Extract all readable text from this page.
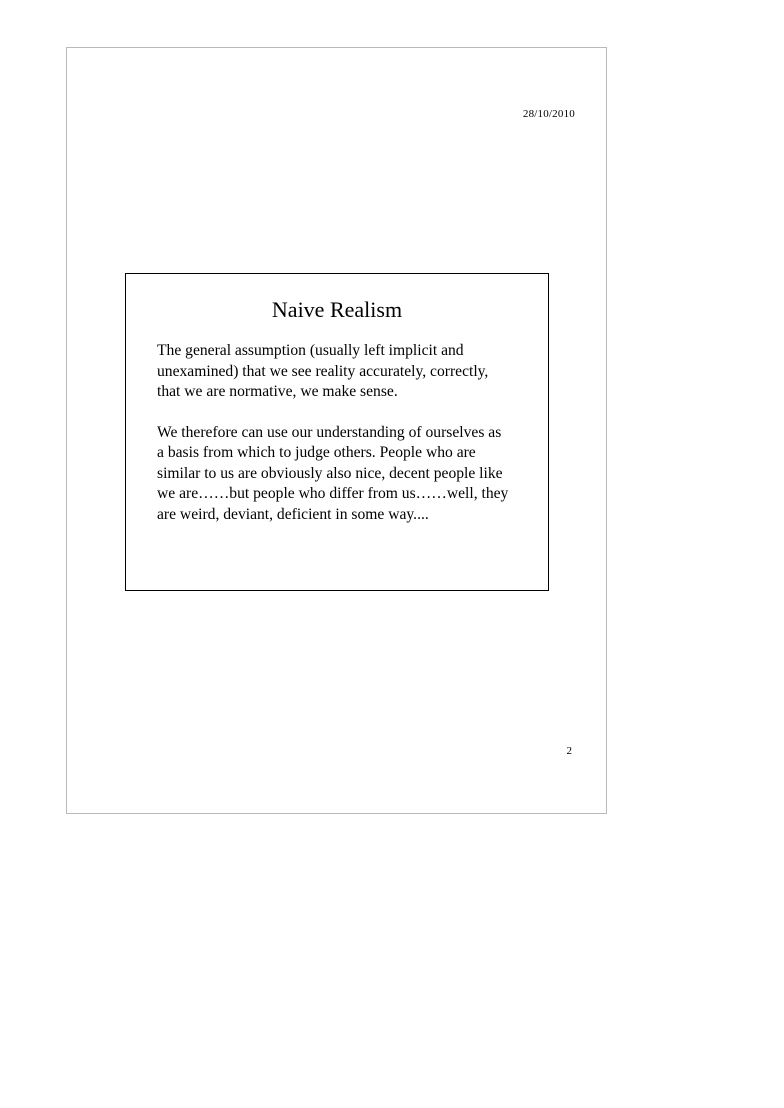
28/10/2010
Naive Realism

The general assumption (usually left implicit and
unexamined) that we see reality accurately, correctly,
that we are normative, we make sense.

We therefore can use our understanding of ourselves as
a basis from which to judge others. People who are
similar to us are obviously also nice, decent people like
we are……but people who differ from us……well, they
are weird, deviant, deficient in some way....

2
